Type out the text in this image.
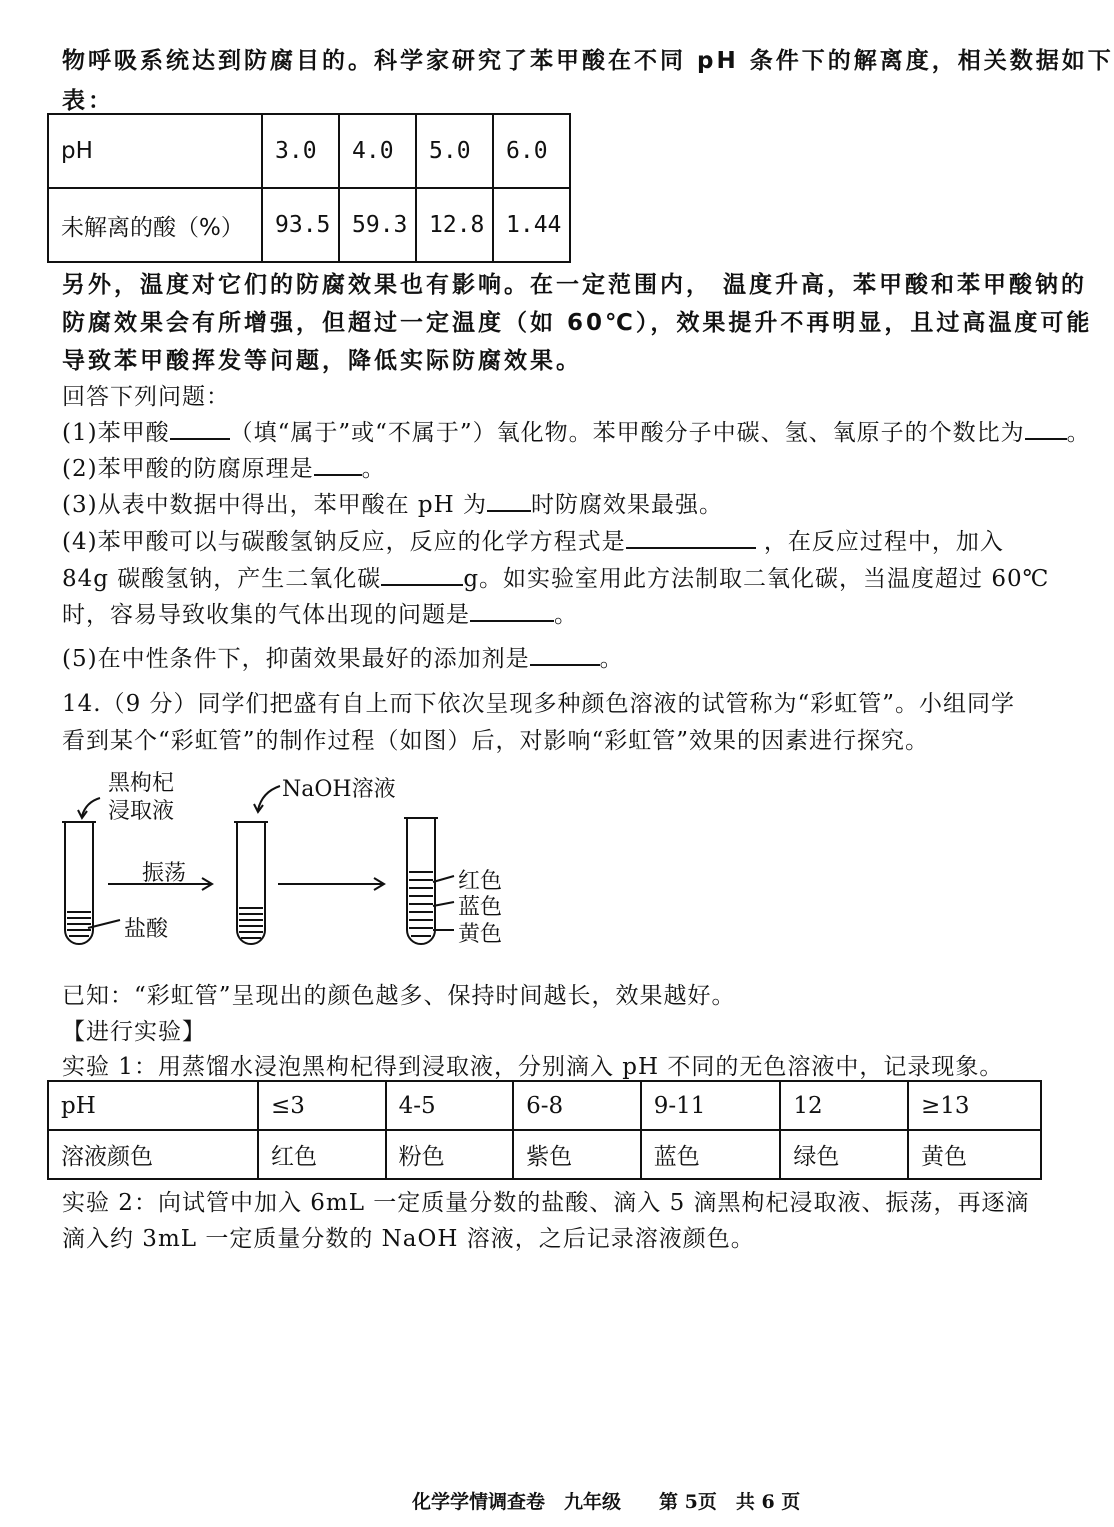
物呼吸系统达到防腐目的。科学家研究了苯甲酸在不同 pH 条件下的解离度，相关数据如下
表：
pH	3.0	4.0	5.0	6.0
未解离的酸（%）	93.5	59.3	12.8	1.44
另外，温度对它们的防腐效果也有影响。在一定范围内， 温度升高，苯甲酸和苯甲酸钠的
防腐效果会有所增强，但超过一定温度（如 60℃），效果提升不再明显，且过高温度可能
导致苯甲酸挥发等问题，降低实际防腐效果。
回答下列问题：
(1)苯甲酸	（填“属于”或“不属于”）氧化物。苯甲酸分子中碳、氢、氧原子的个数比为 。
(2)苯甲酸的防腐原理是 。
(3)从表中数据中得出，苯甲酸在 pH 为 时防腐效果最强。
(4)苯甲酸可以与碳酸氢钠反应，反应的化学方程式是	，在反应过程中，加入
84g 碳酸氢钠，产生二氧化碳	g。如实验室用此方法制取二氧化碳，当温度超过 60℃
时，容易导致收集的气体出现的问题是	。
(5)在中性条件下，抑菌效果最好的添加剂是	。
14.（9 分）同学们把盛有自上而下依次呈现多种颜色溶液的试管称为“彩虹管”。小组同学
看到某个“彩虹管”的制作过程（如图）后，对影响“彩虹管”效果的因素进行探究。
黑枸杞
浸取液
NaOH溶液
振荡
盐酸
红色
蓝色
黄色
已知：“彩虹管”呈现出的颜色越多、保持时间越长，效果越好。
【进行实验】
实验 1：用蒸馏水浸泡黑枸杞得到浸取液，分别滴入 pH 不同的无色溶液中，记录现象。
pH	≤3	4-5	6-8	9-11	12	≥13
溶液颜色	红色	粉色	紫色	蓝色	绿色	黄色
实验 2：向试管中加入 6mL 一定质量分数的盐酸、滴入 5 滴黑枸杞浸取液、振荡，再逐滴
滴入约 3mL 一定质量分数的 NaOH 溶液，之后记录溶液颜色。
化学学情调查卷　九年级　　第 5页　共 6 页
